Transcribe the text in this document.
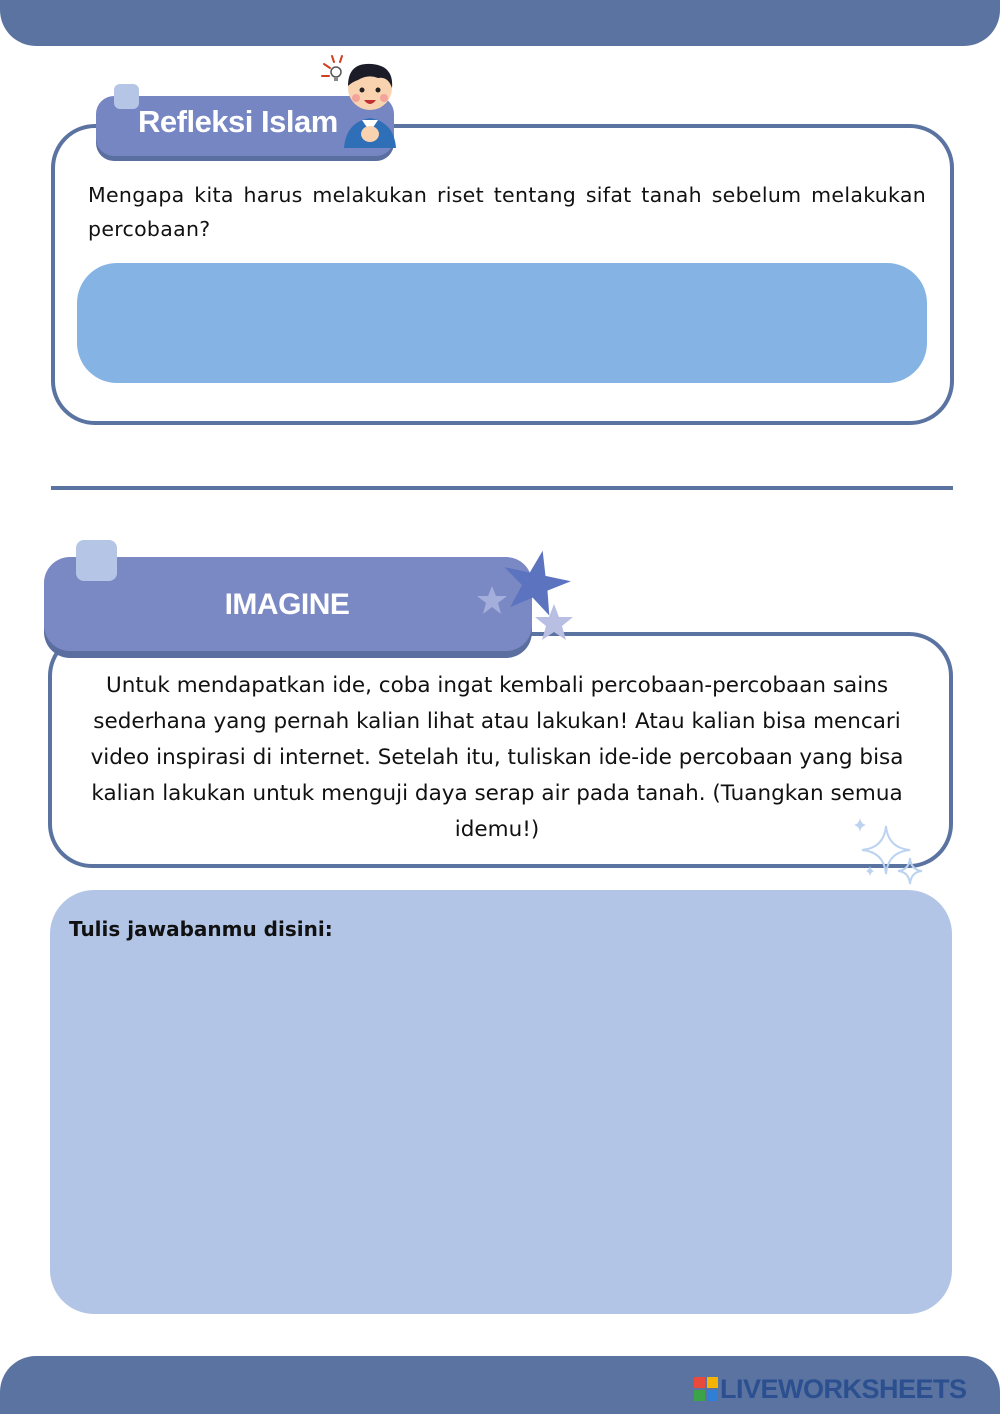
Refleksi Islam
Mengapa kita harus melakukan riset tentang sifat tanah sebelum melakukan percobaan?
IMAGINE
Untuk mendapatkan ide, coba ingat kembali percobaan-percobaan sains sederhana yang pernah kalian lihat atau lakukan! Atau kalian bisa mencari video inspirasi di internet. Setelah itu, tuliskan ide-ide percobaan yang bisa kalian lakukan untuk menguji daya serap air pada tanah. (Tuangkan semua idemu!)
Tulis jawabanmu disini:
LIVEWORKSHEETS
